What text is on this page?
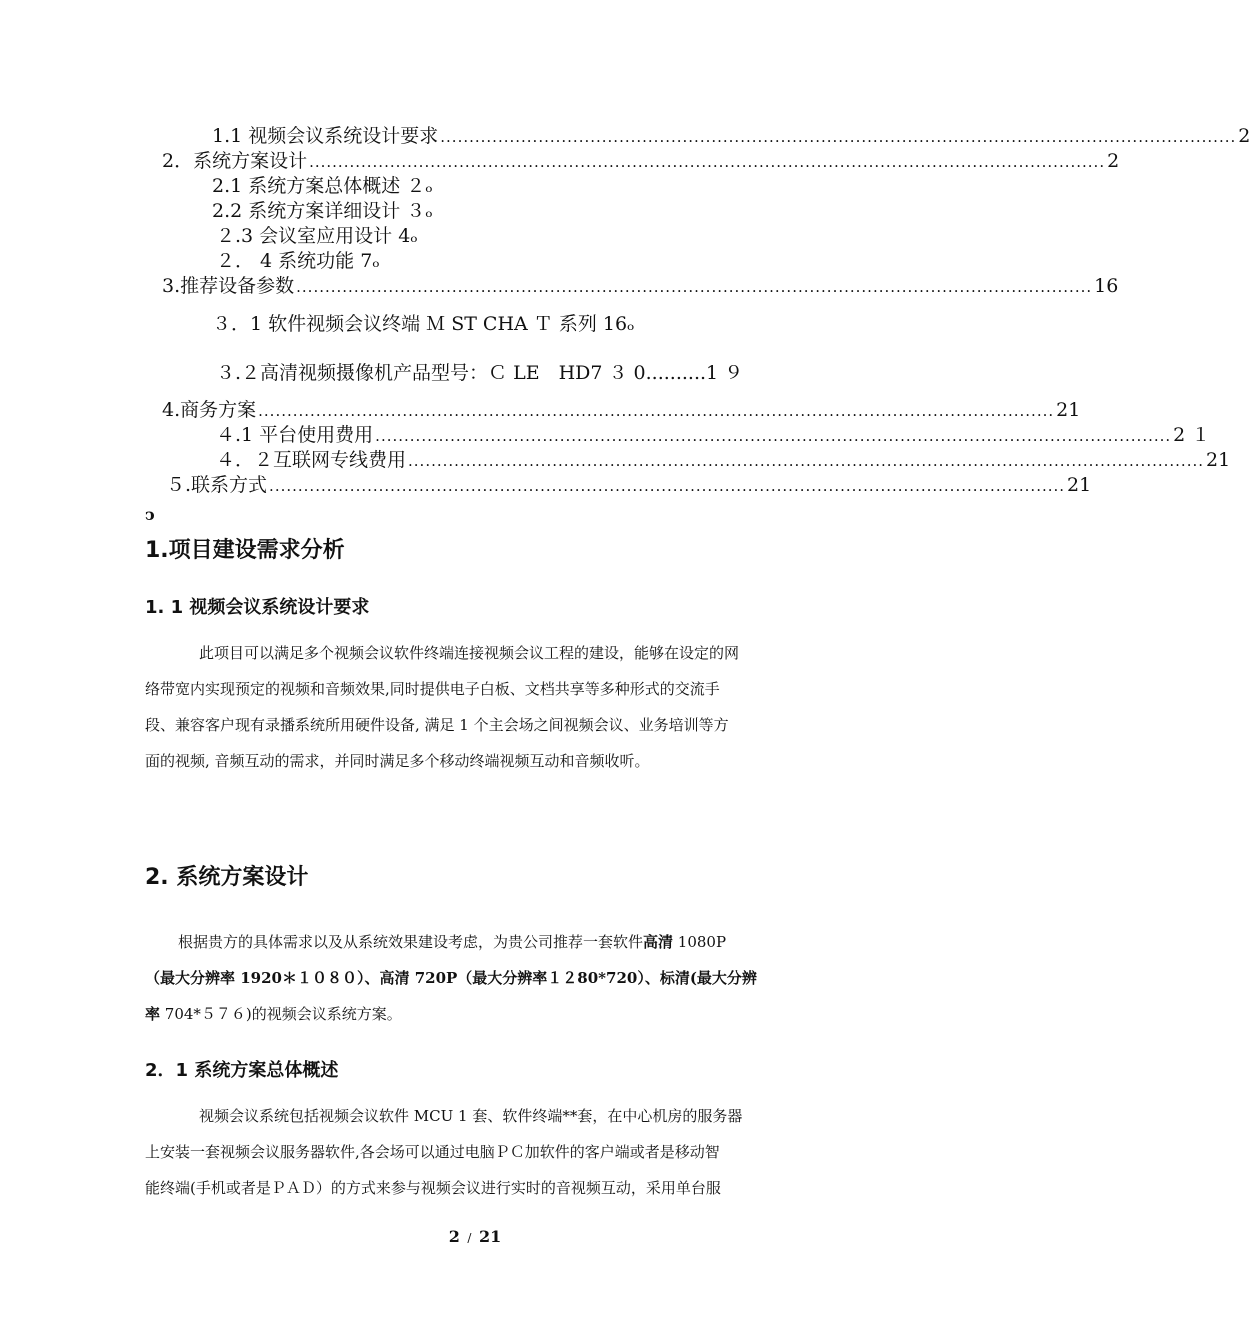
1.1 视频会议系统设计要求 .......................................................................................................................................... 2
2．系统方案设计 .......................................................................................................................................... 2
2.1 系统方案总体概述 ２ₒ
2.2 系统方案详细设计 ３ₒ
２.3 会议室应用设计 4ₒ
２． 4 系统功能 7ₒ
3.推荐设备参数 .......................................................................................................................................... 16
３．1 软件视频会议终端 Ｍ ST CHA Ｔ 系列 16ₒ
３.２高清视频摄像机产品型号：Ｃ LE　HD7 ３ 0..........1 ９
4.商务方案 .......................................................................................................................................... 21
４.1 平台使用费用 .......................................................................................................................................... 2 １
４．２互联网专线费用 .......................................................................................................................................... 21
５.联系方式 .......................................................................................................................................... 21
ↄ
1.项目建设需求分析
1. 1 视频会议系统设计要求
此项目可以满足多个视频会议软件终端连接视频会议工程的建设，能够在设定的网
络带宽内实现预定的视频和音频效果,同时提供电子白板、文档共享等多种形式的交流手
段、兼容客户现有录播系统所用硬件设备, 满足 1 个主会场之间视频会议、业务培训等方
面的视频, 音频互动的需求，并同时满足多个移动终端视频互动和音频收听。
2. 系统方案设计
根据贵方的具体需求以及从系统效果建设考虑，为贵公司推荐一套软件高清 1080P
（最大分辨率 1920＊１０８０）、高清 720P（最大分辨率１２80*720）、标清(最大分辨
率 704*５７６)的视频会议系统方案。
2．1 系统方案总体概述
视频会议系统包括视频会议软件 MCU 1 套、软件终端**套，在中心机房的服务器
上安装一套视频会议服务器软件,各会场可以通过电脑ＰＣ加软件的客户端或者是移动智
能终端(手机或者是ＰＡＤ）的方式来参与视频会议进行实时的音视频互动，采用单台服
2 / 21
